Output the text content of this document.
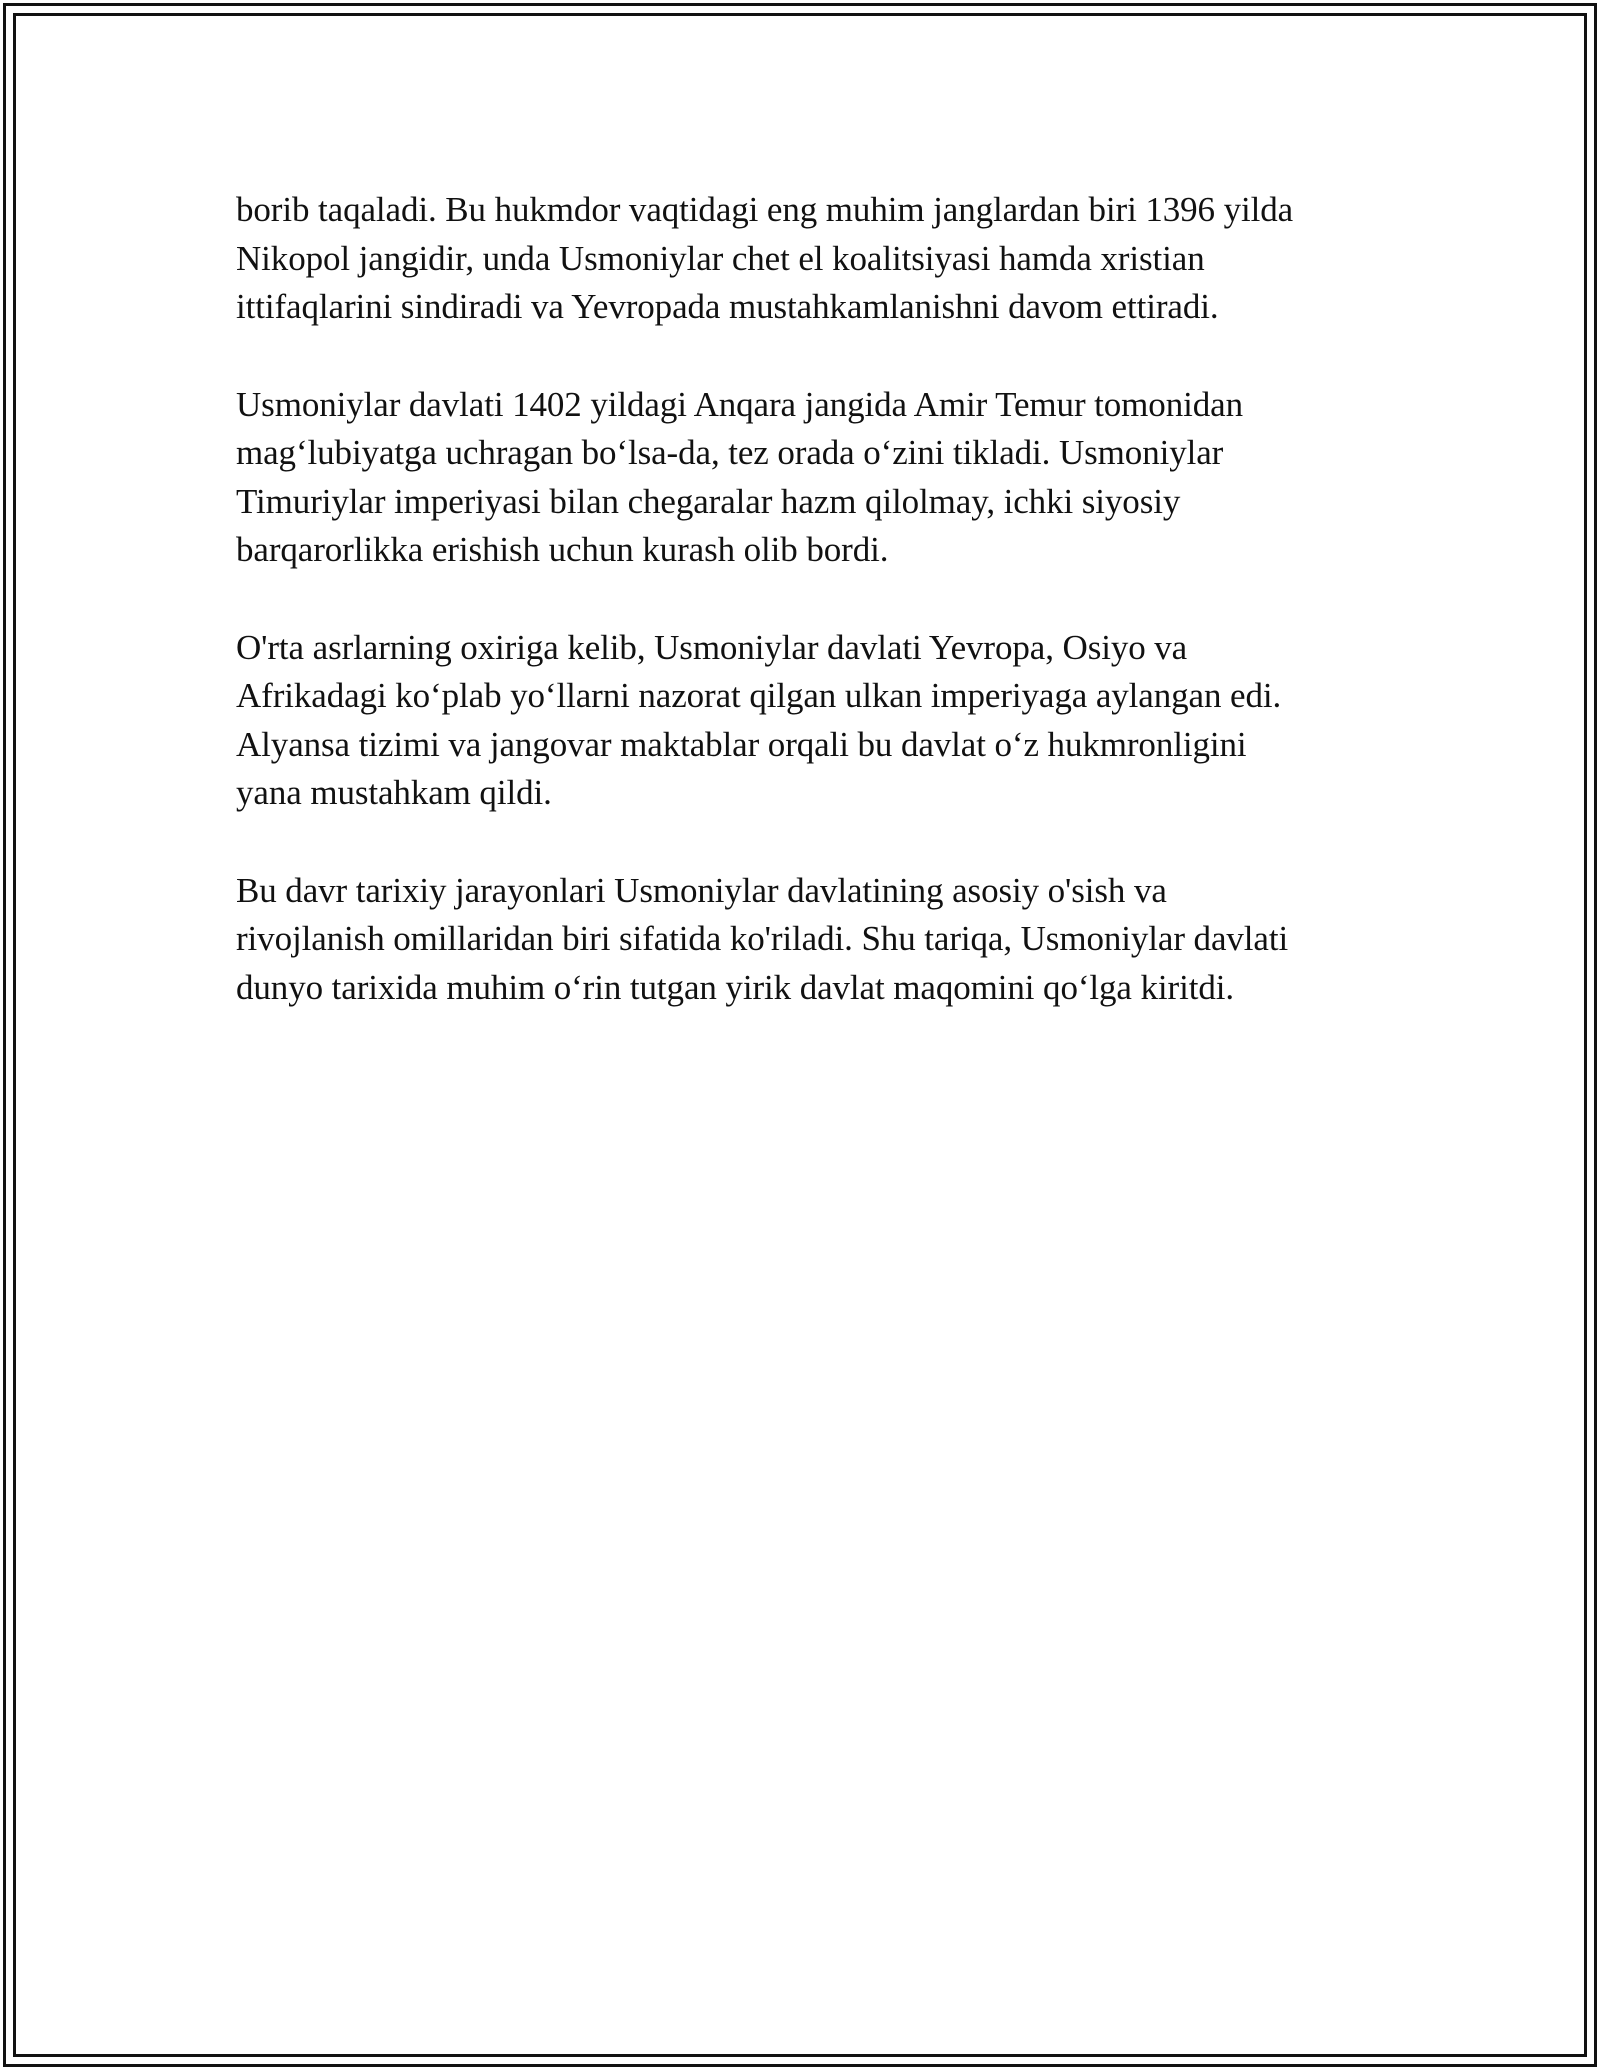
borib taqaladi. Bu hukmdor vaqtidagi eng muhim janglardan biri 1396 yilda
Nikopol jangidir, unda Usmoniylar chet el koalitsiyasi hamda xristian
ittifaqlarini sindiradi va Yevropada mustahkamlanishni davom ettiradi.

Usmoniylar davlati 1402 yildagi Anqara jangida Amir Temur tomonidan
mag‘lubiyatga uchragan bo‘lsa-da, tez orada o‘zini tikladi. Usmoniylar
Timuriylar imperiyasi bilan chegaralar hazm qilolmay, ichki siyosiy
barqarorlikka erishish uchun kurash olib bordi.

O'rta asrlarning oxiriga kelib, Usmoniylar davlati Yevropa, Osiyo va
Afrikadagi ko‘plab yo‘llarni nazorat qilgan ulkan imperiyaga aylangan edi.
Alyansa tizimi va jangovar maktablar orqali bu davlat o‘z hukmronligini
yana mustahkam qildi.

Bu davr tarixiy jarayonlari Usmoniylar davlatining asosiy o'sish va
rivojlanish omillaridan biri sifatida ko'riladi. Shu tariqa, Usmoniylar davlati
dunyo tarixida muhim o‘rin tutgan yirik davlat maqomini qo‘lga kiritdi.
